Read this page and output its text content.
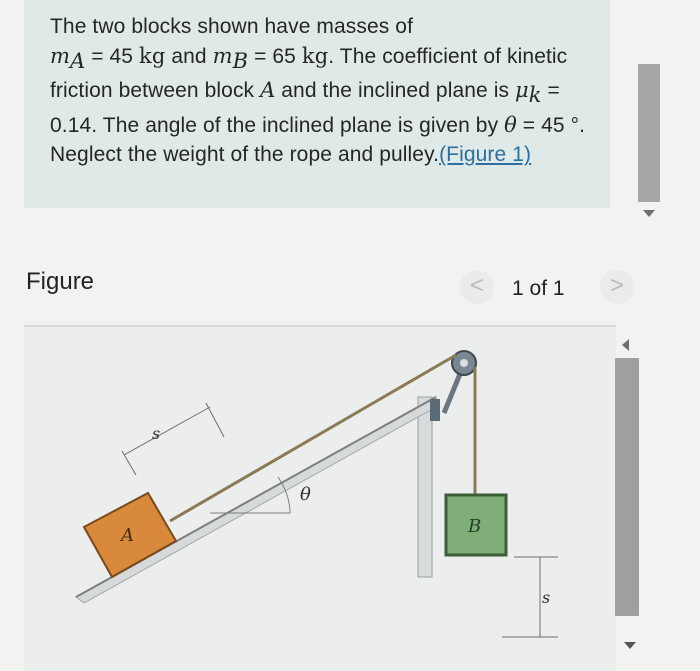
The two blocks shown have masses of
$m_A = 45$ kg and $m_B = 65$ kg. The coefficient of kinetic friction between block A and the inclined plane is $\mu_k = 0.14$. The angle of the inclined plane is given by θ = 45 °. Neglect the weight of the rope and pulley.(Figure 1)
Figure	<	1 of 1	>
A	B
θ
s
s
